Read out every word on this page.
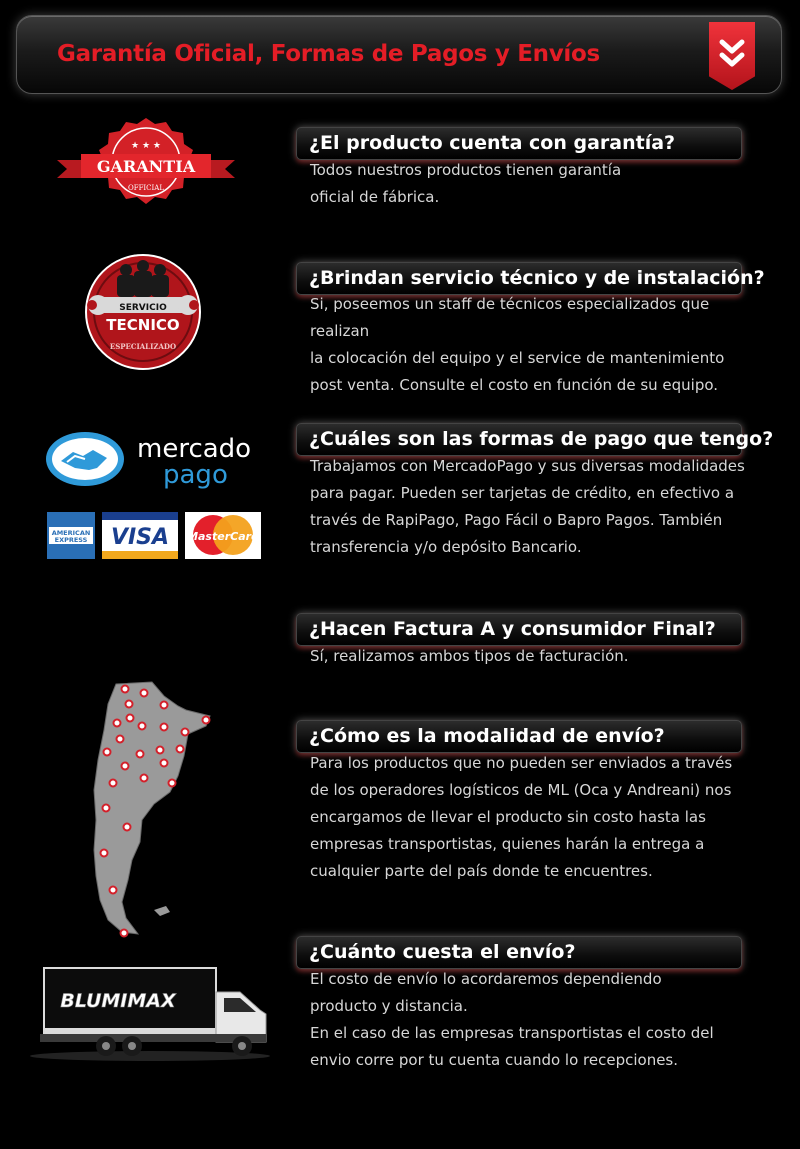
Garantía Oficial, Formas de Pagos y Envíos
★ ★ ★
GARANTIA
OFFICIAL
¿El producto cuenta con garantía?

Todos nuestros productos tienen garantía
oficial de fábrica.

SERVICIO
TECNICO
ESPECIALIZADO
¿Brindan servicio técnico y de instalación?

Si, poseemos un staff de técnicos especializados que realizan
la colocación del equipo y el service de mantenimiento
post venta. Consulte el costo en función de su equipo.

mercado
pago
AMERICAN
EXPRESS VISA MasterCard
¿Cuáles son las formas de pago que tengo?

Trabajamos con MercadoPago y sus diversas modalidades
para pagar. Pueden ser tarjetas de crédito, en efectivo a
través de RapiPago, Pago Fácil o Bapro Pagos. También
transferencia y/o depósito Bancario.

¿Hacen Factura A y consumidor Final?

Sí, realizamos ambos tipos de facturación.

¿Cómo es la modalidad de envío?

Para los productos que no pueden ser enviados a través
de los operadores logísticos de ML (Oca y Andreani) nos
encargamos de llevar el producto sin costo hasta las
empresas transportistas, quienes harán la entrega a
cualquier parte del país donde te encuentres.

BLUMIMAX
¿Cuánto cuesta el envío?

El costo de envío lo acordaremos dependiendo
producto y distancia.
En el caso de las empresas transportistas el costo del
envio corre por tu cuenta cuando lo recepciones.
